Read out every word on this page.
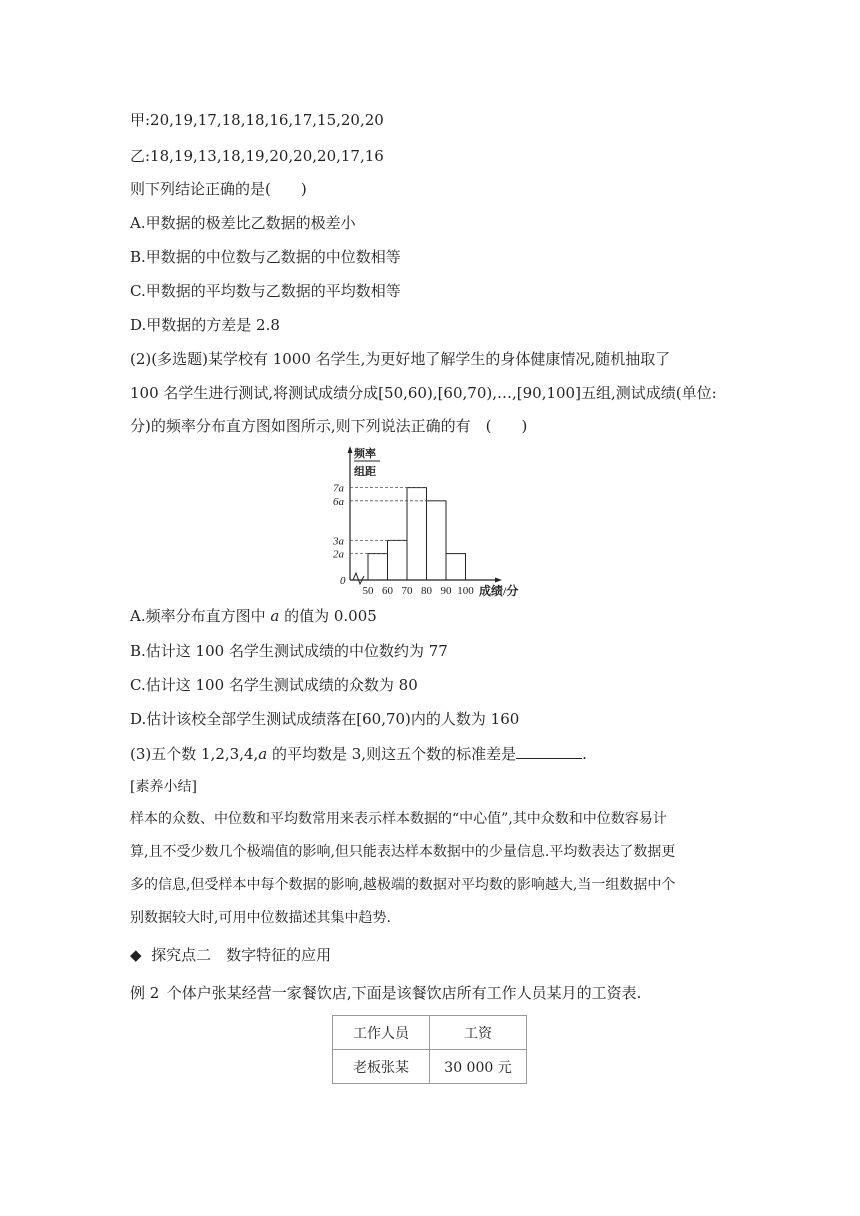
甲:20,19,17,18,18,16,17,15,20,20
乙:18,19,13,18,19,20,20,20,17,16
则下列结论正确的是(　　)
A.甲数据的极差比乙数据的极差小
B.甲数据的中位数与乙数据的中位数相等
C.甲数据的平均数与乙数据的平均数相等
D.甲数据的方差是 2.8
(2)(多选题)某学校有 1000 名学生,为更好地了解学生的身体健康情况,随机抽取了
100 名学生进行测试,将测试成绩分成[50,60),[60,70),…,[90,100]五组,测试成绩(单位:
分)的频率分布直方图如图所示,则下列说法正确的有　(　　)
频率
组距
0
2a
3a
6a
7a
50 60 70 80 90 100 成绩/分
A.频率分布直方图中 a 的值为 0.005
B.估计这 100 名学生测试成绩的中位数约为 77
C.估计这 100 名学生测试成绩的众数为 80
D.估计该校全部学生测试成绩落在[60,70)内的人数为 160
(3)五个数 1,2,3,4,a 的平均数是 3,则这五个数的标准差是	.
[素养小结]
样本的众数、中位数和平均数常用来表示样本数据的“中心值”,其中众数和中位数容易计
算,且不受少数几个极端值的影响,但只能表达样本数据中的少量信息.平均数表达了数据更
多的信息,但受样本中每个数据的影响,越极端的数据对平均数的影响越大,当一组数据中个
别数据较大时,可用中位数描述其集中趋势.
◆ 探究点二　数字特征的应用
例 2 个体户张某经营一家餐饮店,下面是该餐饮店所有工作人员某月的工资表.
工作人员	工资
老板张某	30 000 元
